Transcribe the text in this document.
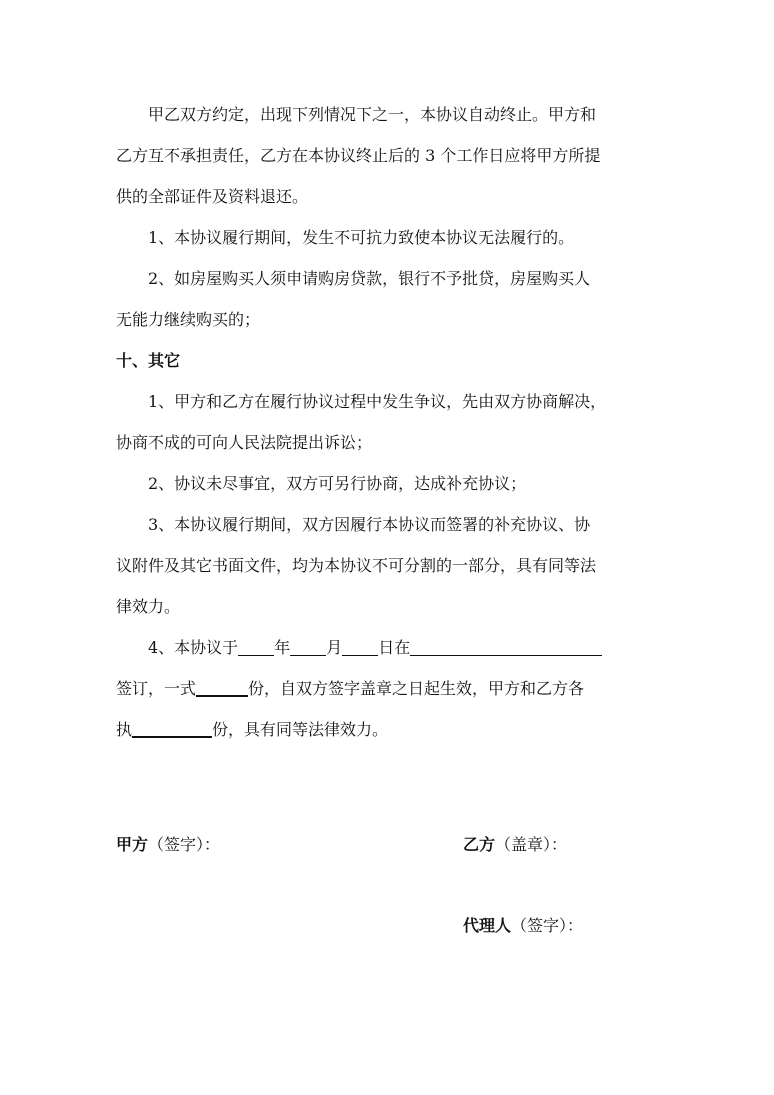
甲乙双方约定，出现下列情况下之一，本协议自动终止。甲方和
乙方互不承担责任，乙方在本协议终止后的 3 个工作日应将甲方所提
供的全部证件及资料退还。

1、本协议履行期间，发生不可抗力致使本协议无法履行的。

2、如房屋购买人须申请购房贷款，银行不予批贷，房屋购买人
无能力继续购买的；

十、其它

1、甲方和乙方在履行协议过程中发生争议，先由双方协商解决，
协商不成的可向人民法院提出诉讼；

2、协议未尽事宜，双方可另行协商，达成补充协议；

3、本协议履行期间，双方因履行本协议而签署的补充协议、协
议附件及其它书面文件，均为本协议不可分割的一部分，具有同等法
律效力。

4、本协议于 年 月 日在
签订，一式	份，自双方签字盖章之日起生效，甲方和乙方各
执	份，具有同等法律效力。

甲方（签字）：	乙方（盖章）：
代理人（签字）：
